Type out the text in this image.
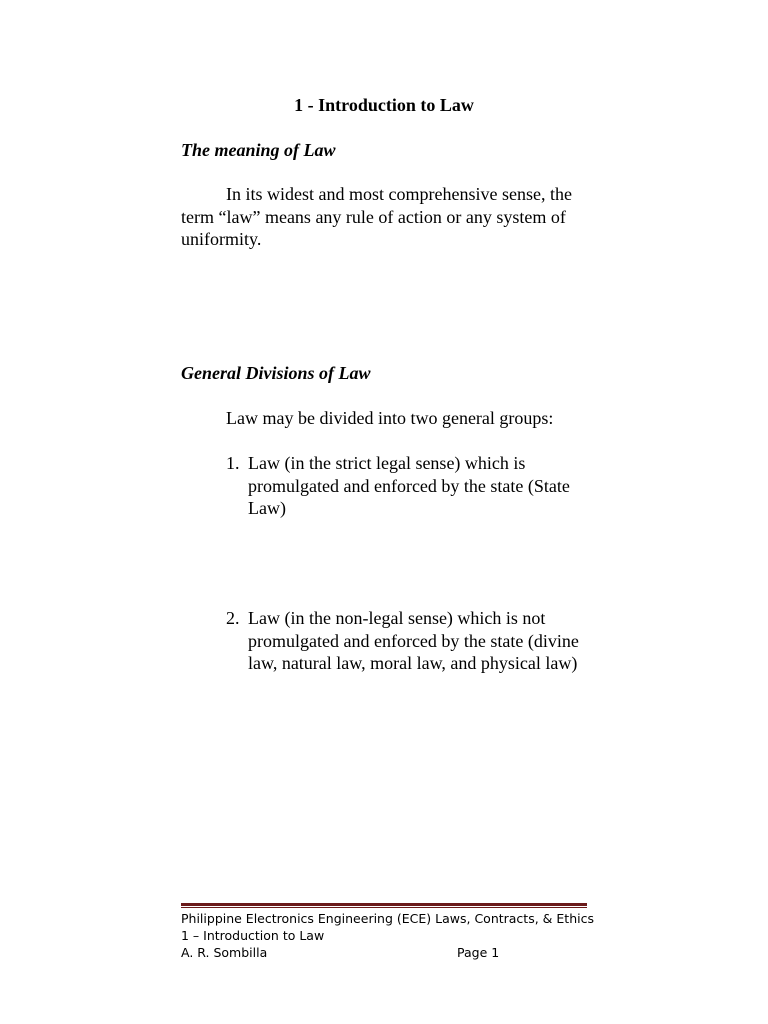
1 - Introduction to Law
The meaning of Law
In its widest and most comprehensive sense, the term “law” means any rule of action or any system of uniformity.
General Divisions of Law
Law may be divided into two general groups:
1. Law (in the strict legal sense) which is promulgated and enforced by the state (State Law)
2. Law (in the non-legal sense) which is not promulgated and enforced by the state (divine law, natural law, moral law, and physical law)
Philippine Electronics Engineering (ECE) Laws, Contracts, & Ethics
1 – Introduction to Law
A. R. Sombilla	Page 1
